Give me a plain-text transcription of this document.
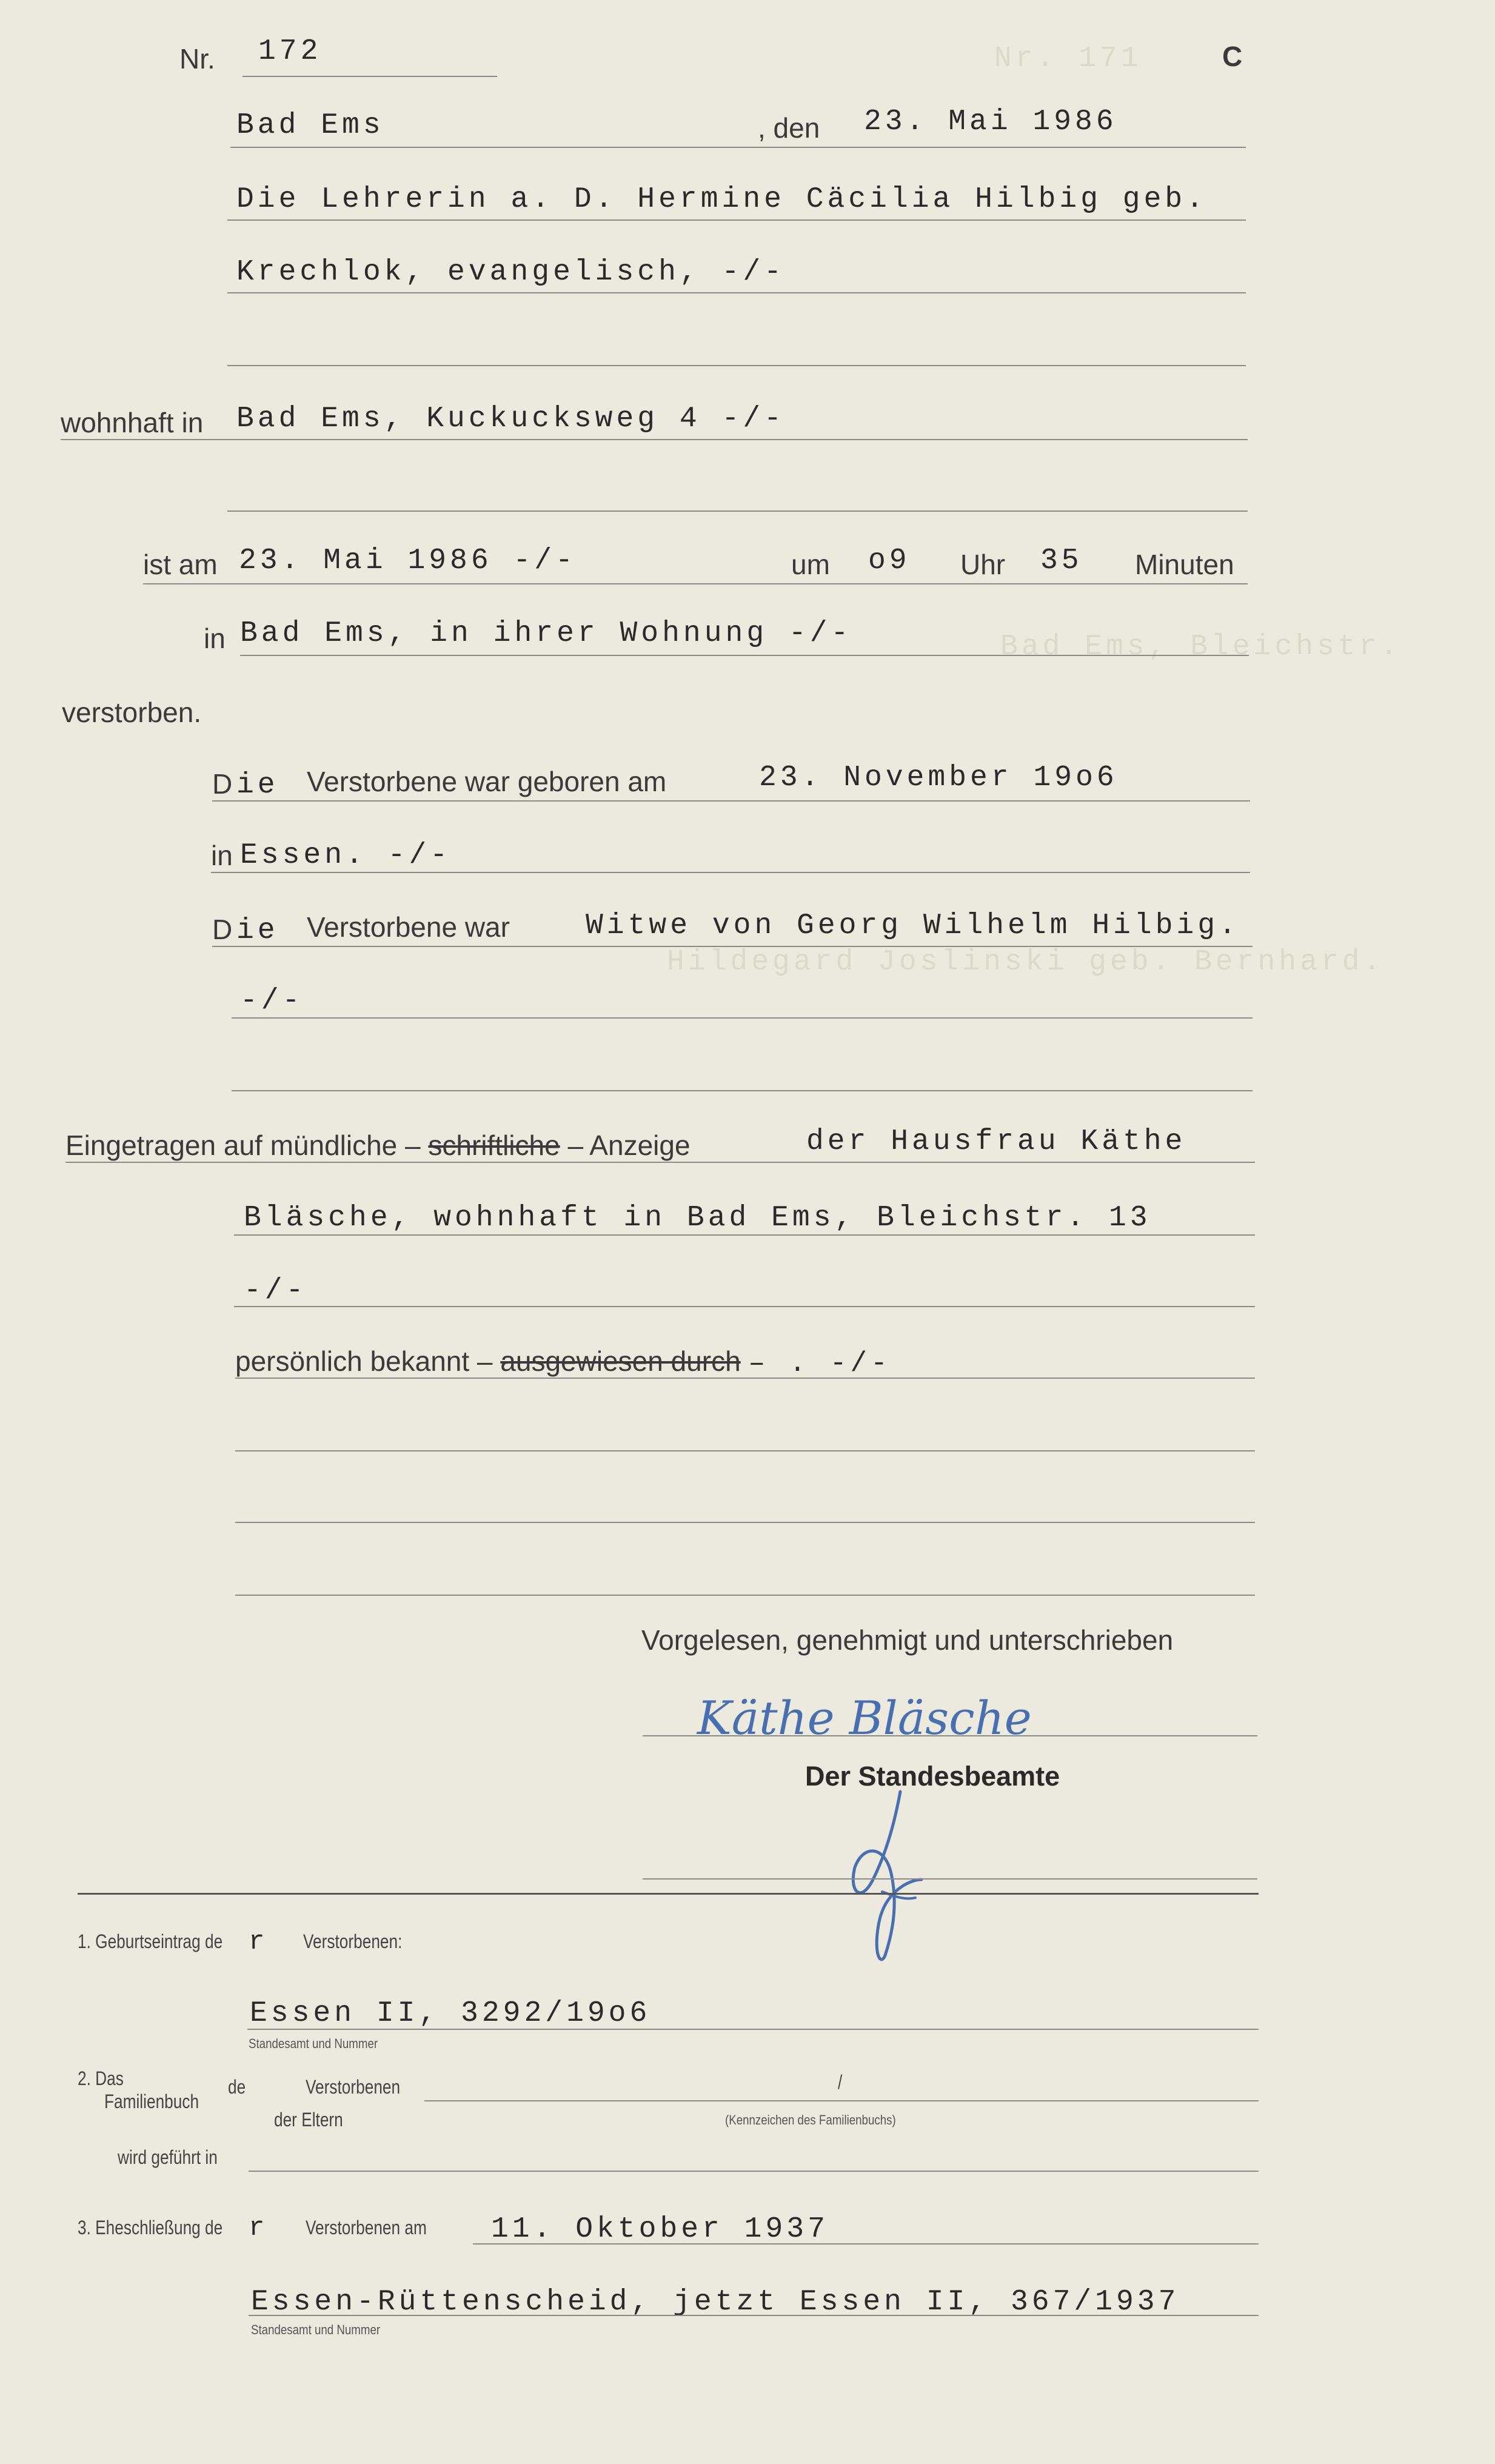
Nr. 171
Bad Ems, Bleichstr.
Hildegard Joslinski geb. Bernhard.
Nr. 172	C
Bad Ems	, den 23. Mai 1986
Die Lehrerin a. D. Hermine Cäcilia Hilbig geb.
Krechlok, evangelisch, -/-
wohnhaft in Bad Ems, Kuckucksweg 4 -/-
ist am 23. Mai 1986 -/-	um o9 Uhr 35 Minuten
in Bad Ems, in ihrer Wohnung -/-
verstorben.
D ie Verstorbene war geboren am	23. November 19o6
in Essen. -/-
D ie Verstorbene war	Witwe von Georg Wilhelm Hilbig.
-/-
Eingetragen auf mündliche – schriftliche – Anzeige	der Hausfrau Käthe
Bläsche, wohnhaft in Bad Ems, Bleichstr. 13
-/-
persönlich bekannt – ausgewiesen durch – . -/-
Vorgelesen, genehmigt und unterschrieben
Käthe Bläsche
Der Standesbeamte
1. Geburtseintrag de r Verstorbenen:
Essen II, 3292/19o6
Standesamt und Nummer
2. Das
Familienbuch
de	Verstorbenen	/
der Eltern	(Kennzeichen des Familienbuchs)
wird geführt in
3. Eheschließung de r Verstorbenen am 11. Oktober 1937
Essen-Rüttenscheid, jetzt Essen II, 367/1937
Standesamt und Nummer
